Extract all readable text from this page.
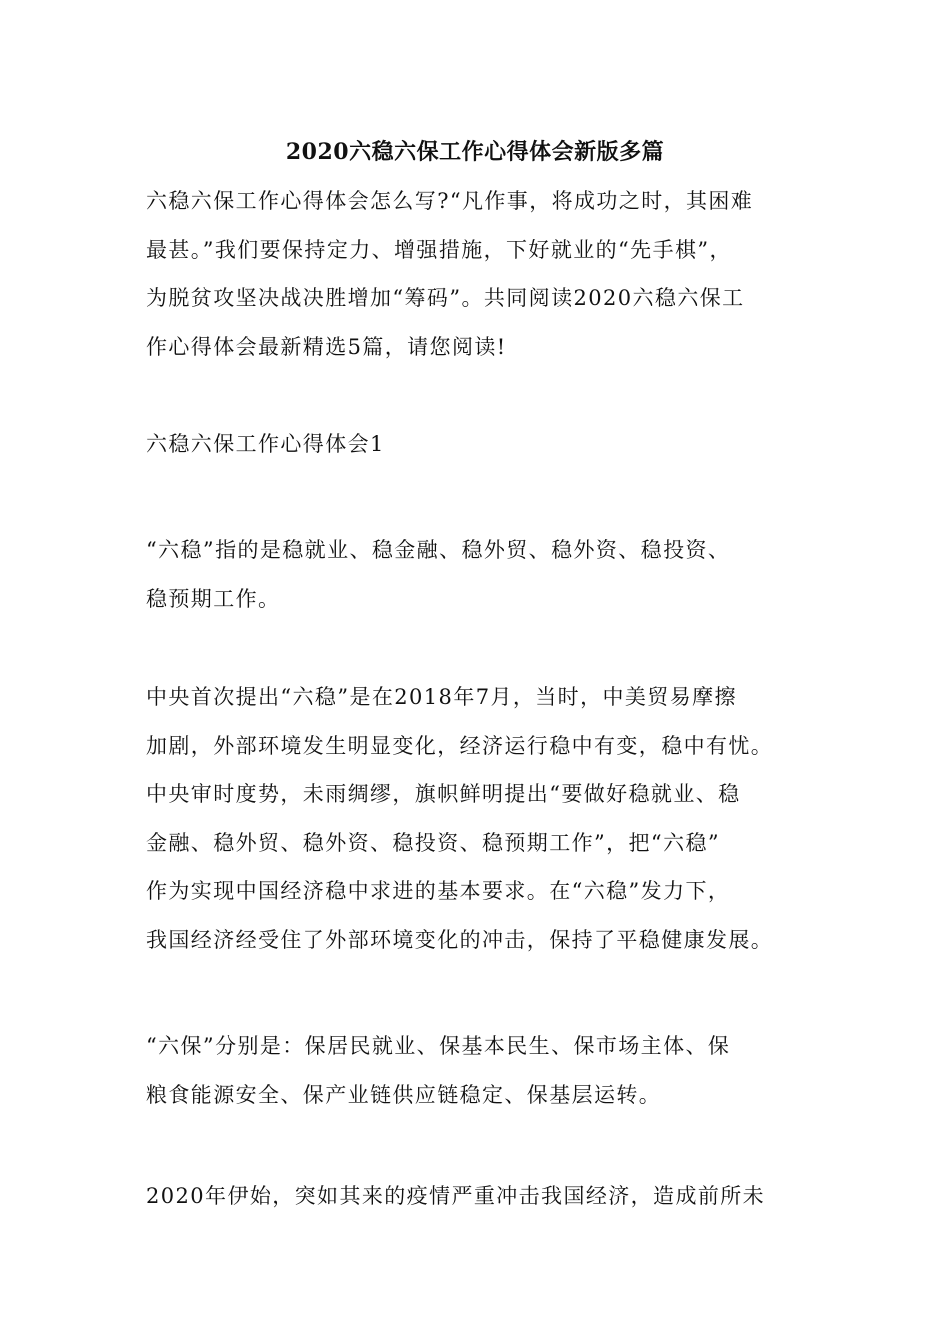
2020六稳六保工作心得体会新版多篇
六稳六保工作心得体会怎么写?“凡作事，将成功之时，其困难
最甚。”我们要保持定力、增强措施，下好就业的“先手棋”，
为脱贫攻坚决战决胜增加“筹码”。共同阅读2020六稳六保工
作心得体会最新精选5篇，请您阅读!
六稳六保工作心得体会1
“六稳”指的是稳就业、稳金融、稳外贸、稳外资、稳投资、
稳预期工作。
中央首次提出“六稳”是在2018年7月，当时，中美贸易摩擦
加剧，外部环境发生明显变化，经济运行稳中有变，稳中有忧。
中央审时度势，未雨绸缪，旗帜鲜明提出“要做好稳就业、稳
金融、稳外贸、稳外资、稳投资、稳预期工作”，把“六稳”
作为实现中国经济稳中求进的基本要求。在“六稳”发力下，
我国经济经受住了外部环境变化的冲击，保持了平稳健康发展。
“六保”分别是：保居民就业、保基本民生、保市场主体、保
粮食能源安全、保产业链供应链稳定、保基层运转。
2020年伊始，突如其来的疫情严重冲击我国经济，造成前所未
